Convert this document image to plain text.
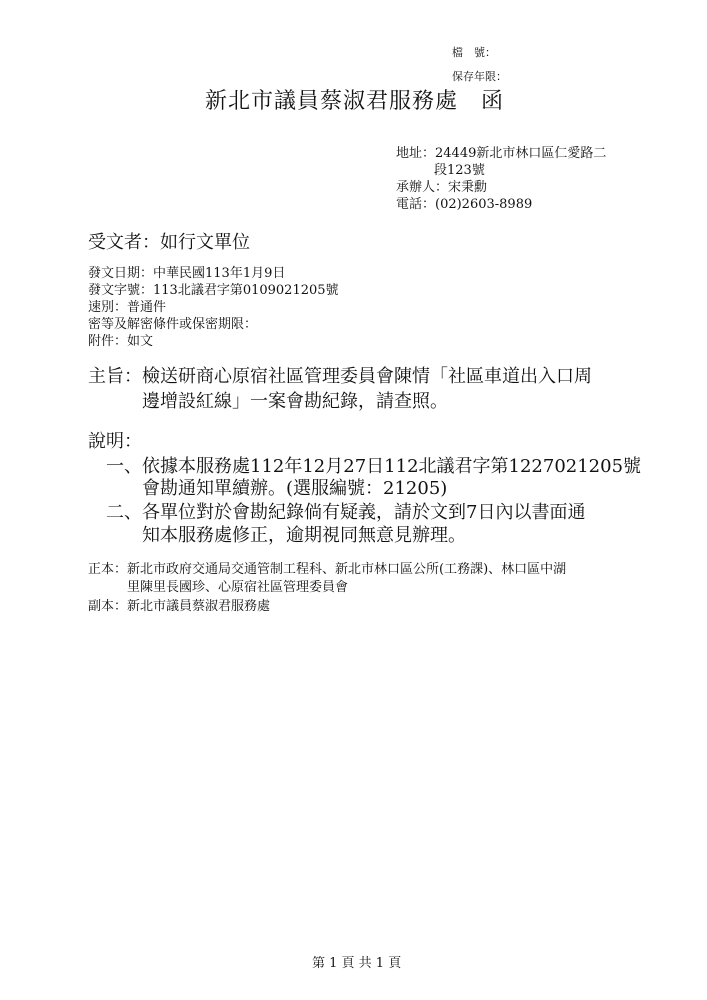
檔　號：
保存年限：
新北市議員蔡淑君服務處　函
地址：24449新北市林口區仁愛路二
段123號
承辦人：宋秉勳
電話：(02)2603-8989
受文者：如行文單位
發文日期：中華民國113年1月9日
發文字號：113北議君字第0109021205號
速別：普通件
密等及解密條件或保密期限：
附件：如文
主旨： 檢送研商心原宿社區管理委員會陳情「社區車道出入口周
邊增設紅線」一案會勘紀錄，請查照。
說明：
一、依據本服務處112年12月27日112北議君字第1227021205號
會勘通知單續辦。(選服編號：21205)
二、各單位對於會勘紀錄倘有疑義，請於文到7日內以書面通
知本服務處修正，逾期視同無意見辦理。
正本：新北市政府交通局交通管制工程科、新北市林口區公所(工務課)、林口區中湖
里陳里長國珍、心原宿社區管理委員會
副本：新北市議員蔡淑君服務處
第 1 頁 共 1 頁
